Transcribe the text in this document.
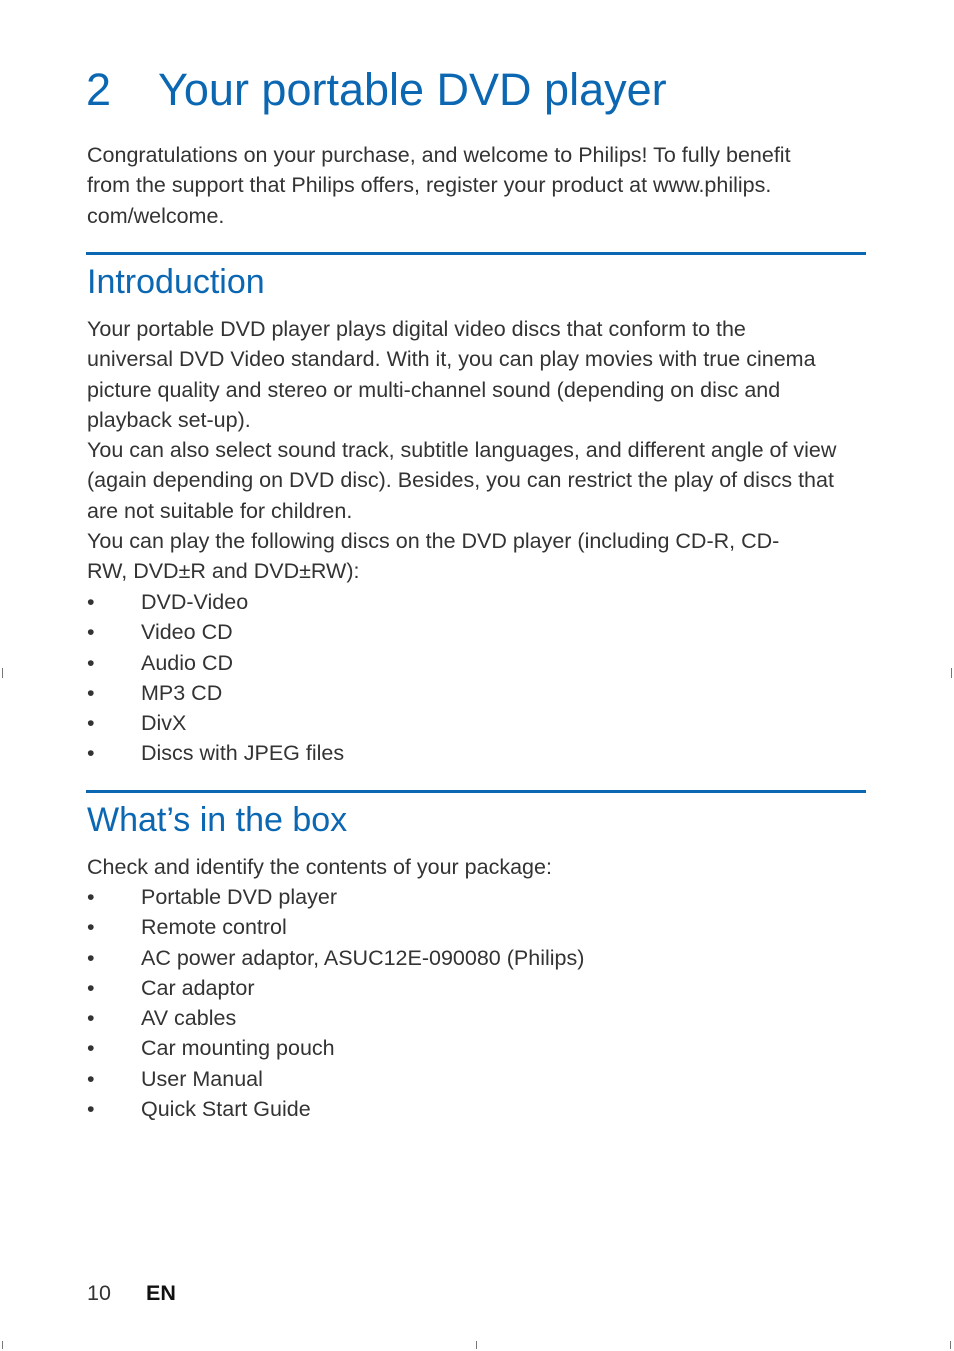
2 Your portable DVD player

Congratulations on your purchase, and welcome to Philips! To fully benefit
from the support that Philips offers, register your product at www.philips.
com/welcome.

Introduction

Your portable DVD player plays digital video discs that conform to the
universal DVD Video standard. With it, you can play movies with true cinema
picture quality and stereo or multi-channel sound (depending on disc and
playback set-up).
You can also select sound track, subtitle languages, and different angle of view
(again depending on DVD disc). Besides, you can restrict the play of discs that
are not suitable for children.
You can play the following discs on the DVD player (including CD-R, CD-
RW, DVD±R and DVD±RW):

• DVD-Video
• Video CD
• Audio CD
• MP3 CD
• DivX
• Discs with JPEG files
What’s in the box

Check and identify the contents of your package:

• Portable DVD player
• Remote control
• AC power adaptor, ASUC12E-090080 (Philips)
• Car adaptor
• AV cables
• Car mounting pouch
• User Manual
• Quick Start Guide
10 EN
